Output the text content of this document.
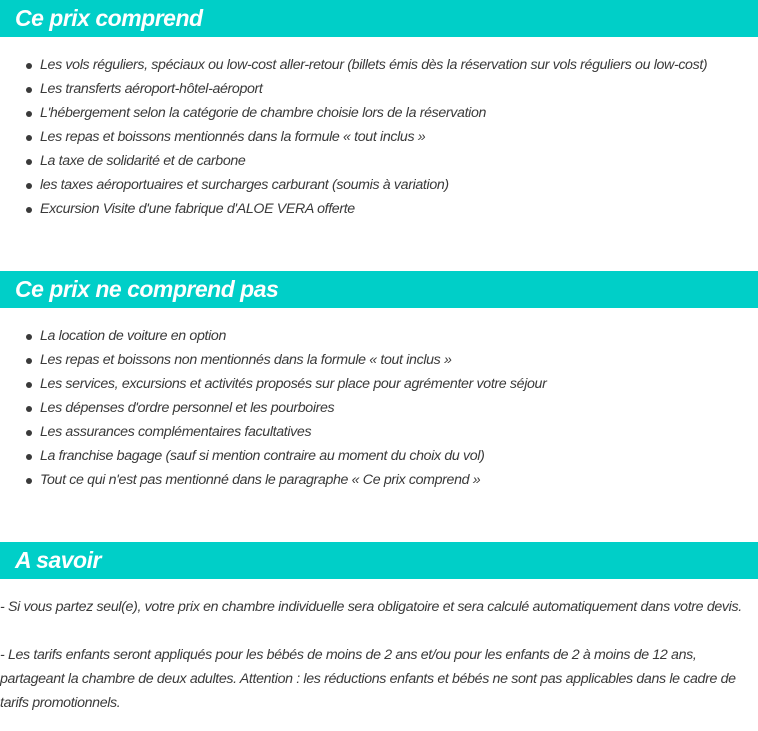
Ce prix comprend
Les vols réguliers, spéciaux ou low-cost aller-retour (billets émis dès la réservation sur vols réguliers ou low-cost)
Les transferts aéroport-hôtel-aéroport
L'hébergement selon la catégorie de chambre choisie lors de la réservation
Les repas et boissons mentionnés dans la formule « tout inclus »
La taxe de solidarité et de carbone
les taxes aéroportuaires et surcharges carburant (soumis à variation)
Excursion Visite d'une fabrique d'ALOE VERA offerte
Ce prix ne comprend pas
La location de voiture en option
Les repas et boissons non mentionnés dans la formule « tout inclus »
Les services, excursions et activités proposés sur place pour agrémenter votre séjour
Les dépenses d'ordre personnel et les pourboires
Les assurances complémentaires facultatives
La franchise bagage (sauf si mention contraire au moment du choix du vol)
Tout ce qui n'est pas mentionné dans le paragraphe « Ce prix comprend »
A savoir

- Si vous partez seul(e), votre prix en chambre individuelle sera obligatoire et sera calculé automatiquement dans votre devis.

- Les tarifs enfants seront appliqués pour les bébés de moins de 2 ans et/ou pour les enfants de 2 à moins de 12 ans, partageant la chambre de deux adultes. Attention : les réductions enfants et bébés ne sont pas applicables dans le cadre de tarifs promotionnels.
